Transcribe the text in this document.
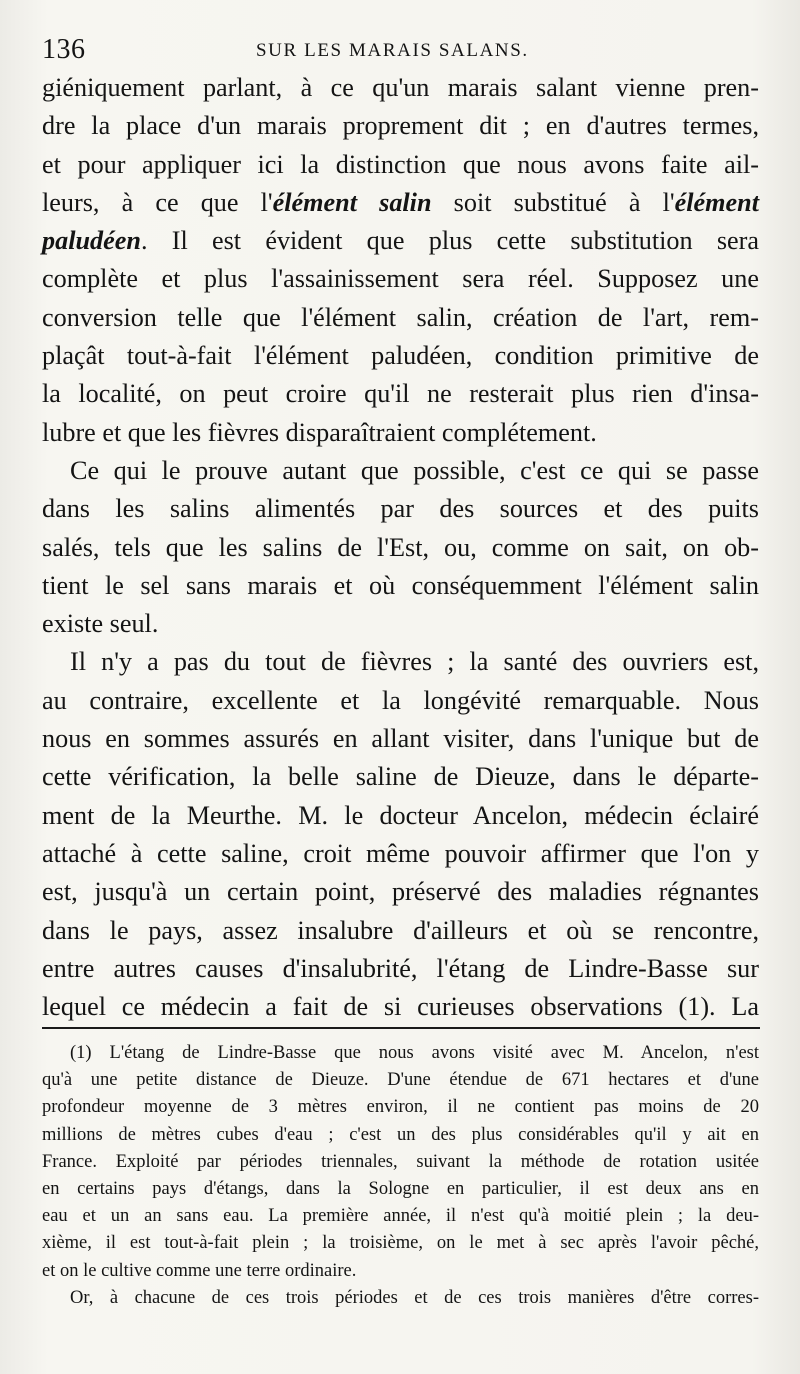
136	SUR LES MARAIS SALANS.
giéniquement parlant, à ce qu'un marais salant vienne pren-
dre la place d'un marais proprement dit ; en d'autres termes,
et pour appliquer ici la distinction que nous avons faite ail-
leurs, à ce que l'élément salin soit substitué à l'élément
paludéen. Il est évident que plus cette substitution sera
complète et plus l'assainissement sera réel. Supposez une
conversion telle que l'élément salin, création de l'art, rem-
plaçât tout-à-fait l'élément paludéen, condition primitive de
la localité, on peut croire qu'il ne resterait plus rien d'insa-
lubre et que les fièvres disparaîtraient complétement.
Ce qui le prouve autant que possible, c'est ce qui se passe
dans les salins alimentés par des sources et des puits
salés, tels que les salins de l'Est, ou, comme on sait, on ob-
tient le sel sans marais et où conséquemment l'élément salin
existe seul.
Il n'y a pas du tout de fièvres ; la santé des ouvriers est,
au contraire, excellente et la longévité remarquable. Nous
nous en sommes assurés en allant visiter, dans l'unique but de
cette vérification, la belle saline de Dieuze, dans le départe-
ment de la Meurthe. M. le docteur Ancelon, médecin éclairé
attaché à cette saline, croit même pouvoir affirmer que l'on y
est, jusqu'à un certain point, préservé des maladies régnantes
dans le pays, assez insalubre d'ailleurs et où se rencontre,
entre autres causes d'insalubrité, l'étang de Lindre-Basse sur
lequel ce médecin a fait de si curieuses observations (1). La
(1) L'étang de Lindre-Basse que nous avons visité avec M. Ancelon, n'est
qu'à une petite distance de Dieuze. D'une étendue de 671 hectares et d'une
profondeur moyenne de 3 mètres environ, il ne contient pas moins de 20
millions de mètres cubes d'eau ; c'est un des plus considérables qu'il y ait en
France. Exploité par périodes triennales, suivant la méthode de rotation usitée
en certains pays d'étangs, dans la Sologne en particulier, il est deux ans en
eau et un an sans eau. La première année, il n'est qu'à moitié plein ; la deu-
xième, il est tout-à-fait plein ; la troisième, on le met à sec après l'avoir pêché,
et on le cultive comme une terre ordinaire.
Or, à chacune de ces trois périodes et de ces trois manières d'être corres-
